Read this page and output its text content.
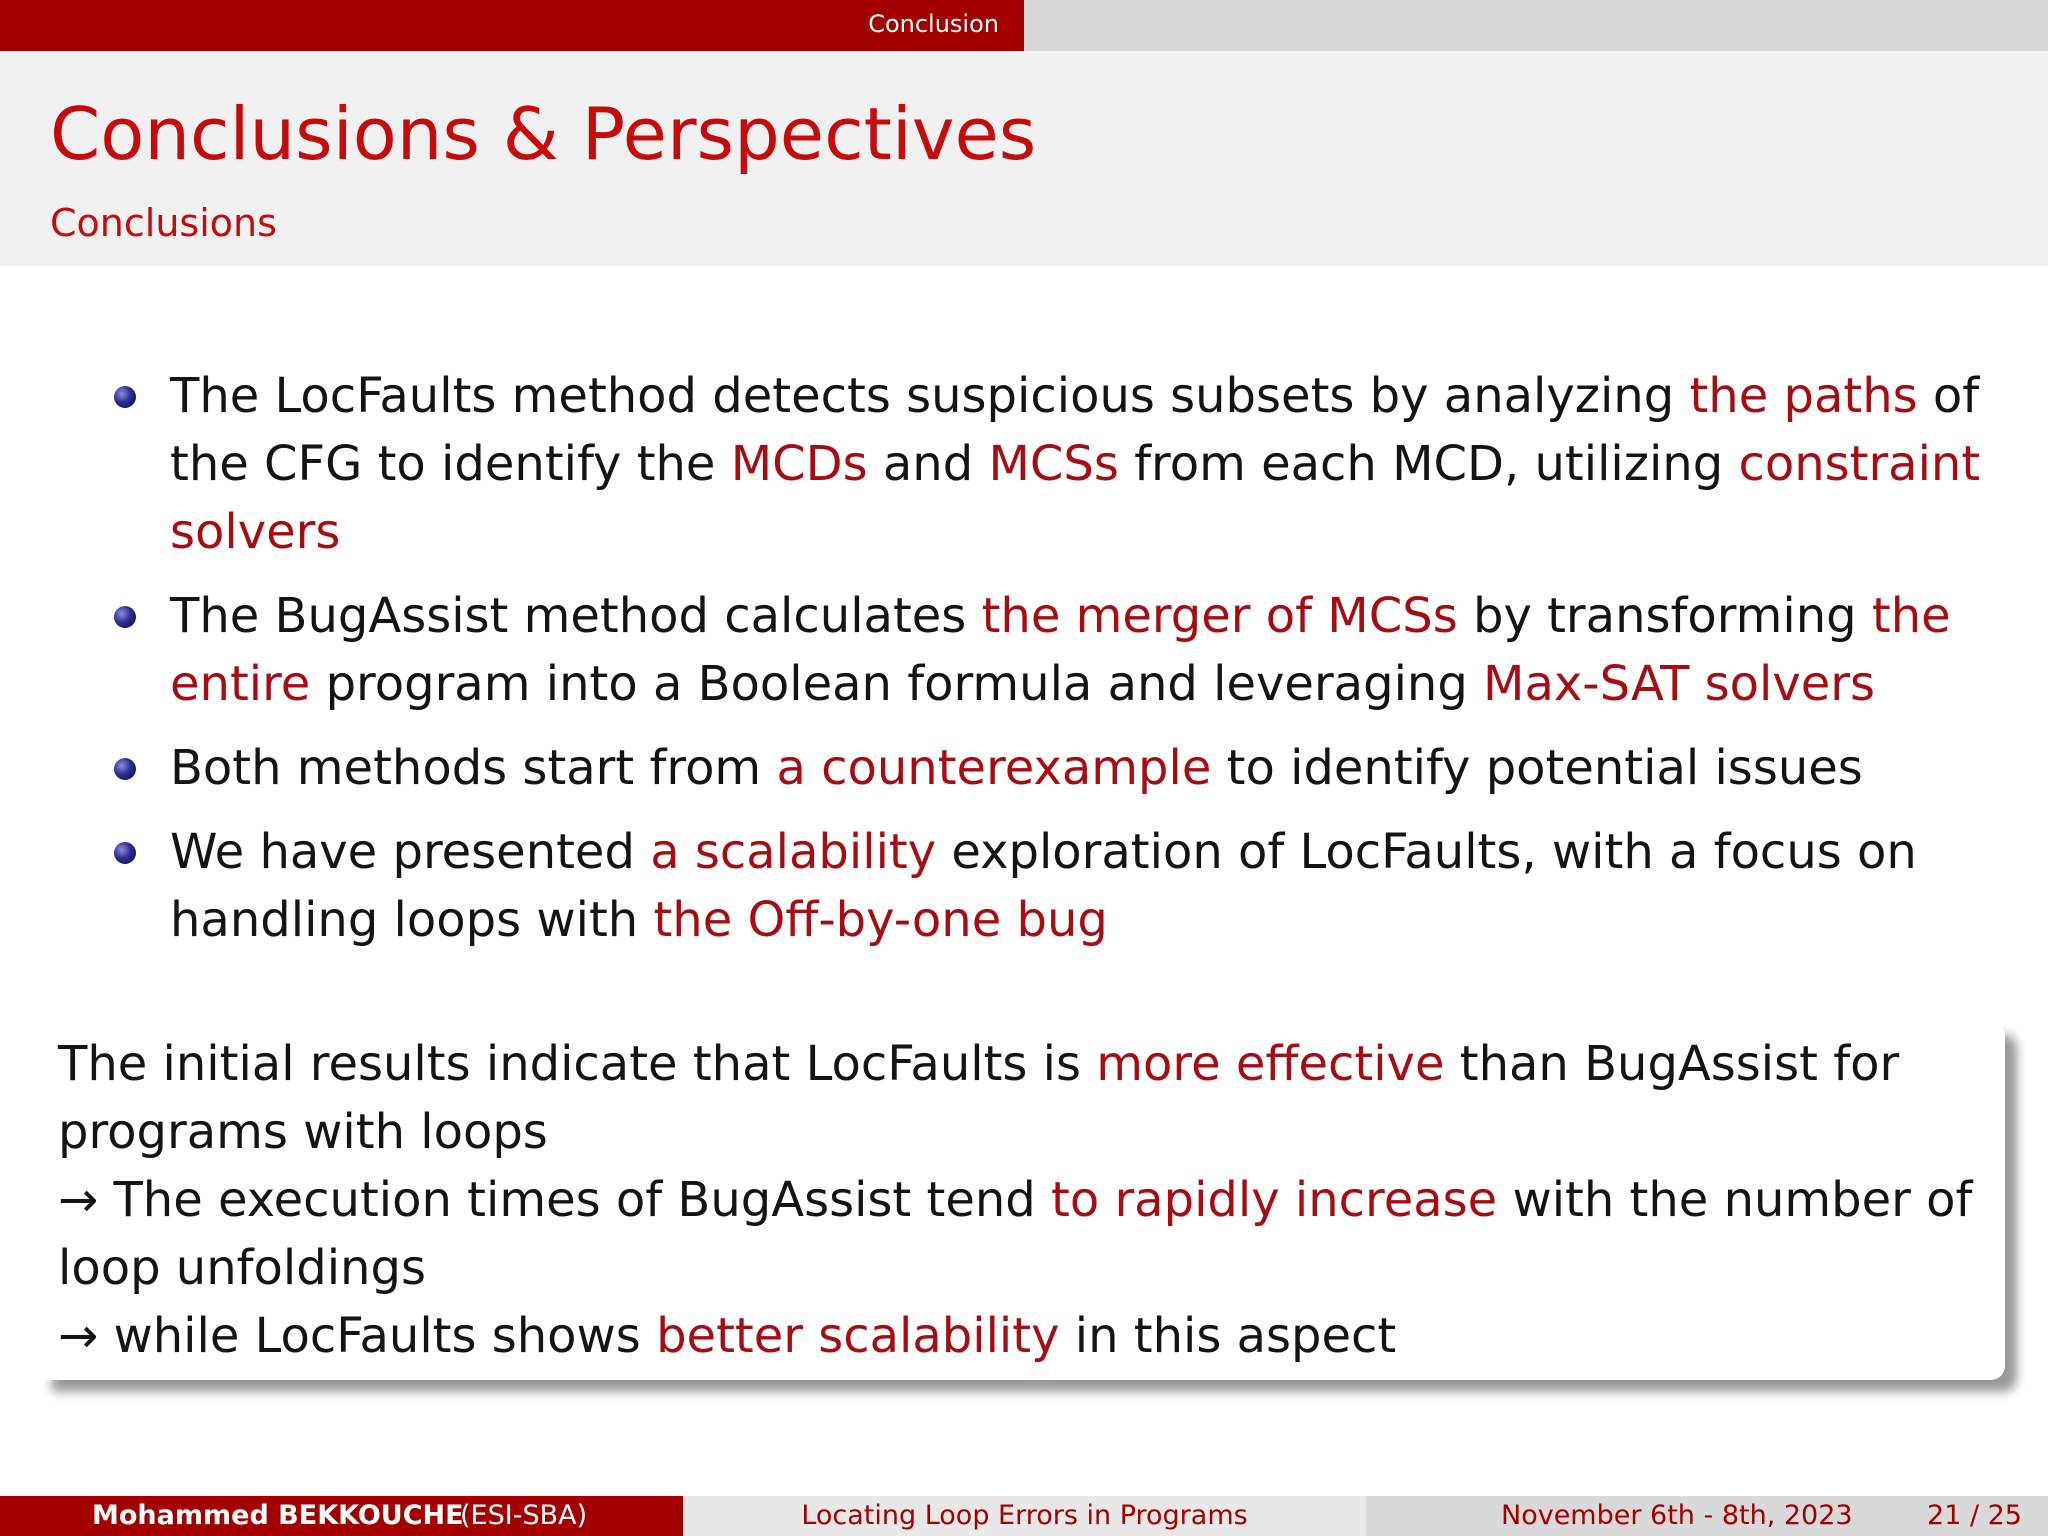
Conclusion
Conclusions & Perspectives
Conclusions
The LocFaults method detects suspicious subsets by analyzing the paths of the CFG to identify the MCDs and MCSs from each MCD, utilizing constraint solvers
The BugAssist method calculates the merger of MCSs by transforming the entire program into a Boolean formula and leveraging Max-SAT solvers
Both methods start from a counterexample to identify potential issues
We have presented a scalability exploration of LocFaults, with a focus on handling loops with the Off-by-one bug

The initial results indicate that LocFaults is more effective than BugAssist for

programs with loops

→ The execution times of BugAssist tend to rapidly increase with the number of

loop unfoldings

→ while LocFaults shows better scalability in this aspect

Mohammed BEKKOUCHE
(ESI-SBA)	Locating Loop Errors in Programs	November 6th - 8th, 2023	21 / 25
